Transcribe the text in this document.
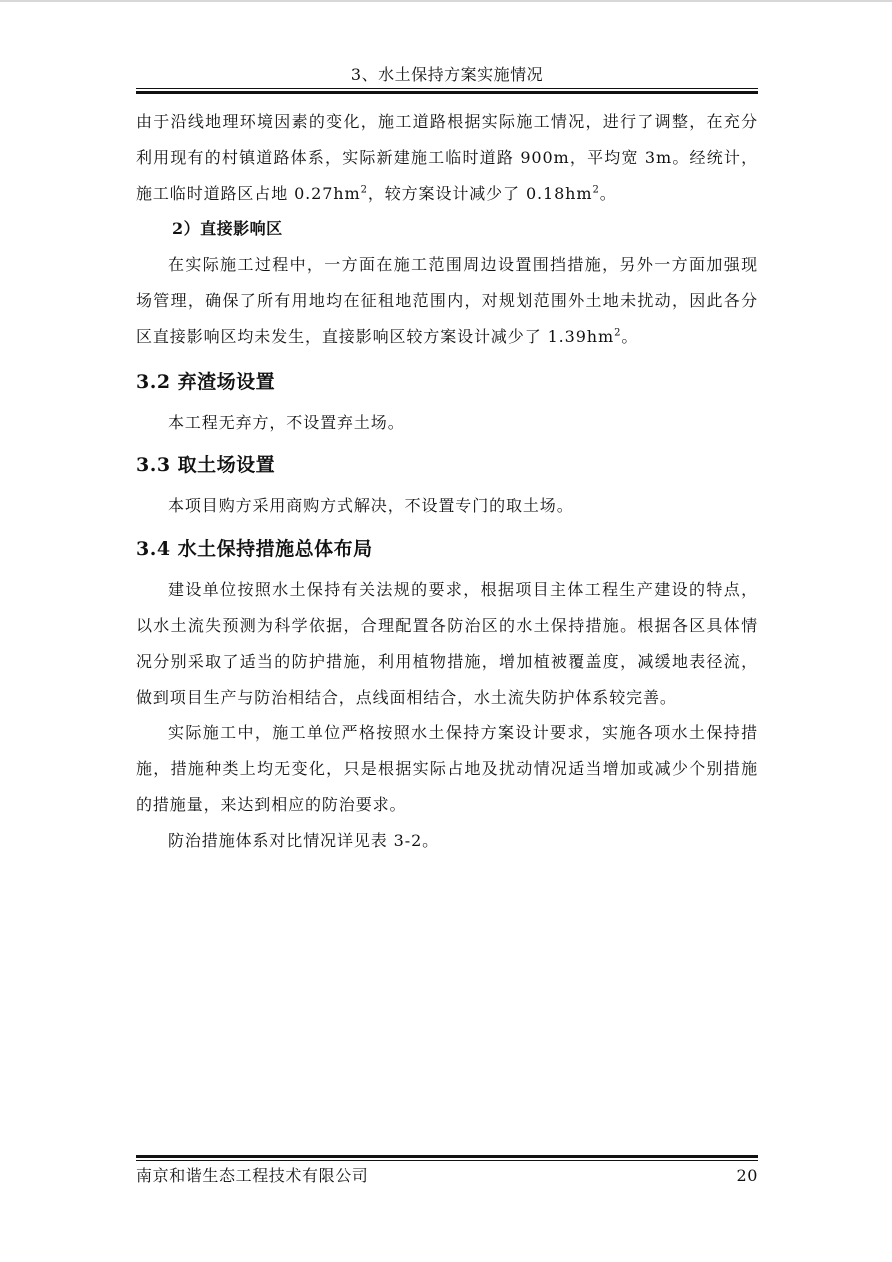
3、水土保持方案实施情况

由于沿线地理环境因素的变化，施工道路根据实际施工情况，进行了调整，在充分利用现有的村镇道路体系，实际新建施工临时道路 900m，平均宽 3m。经统计，施工临时道路区占地 $0.27hm^2$，较方案设计减少了 $0.18hm^2$。

2）直接影响区

在实际施工过程中，一方面在施工范围周边设置围挡措施，另外一方面加强现场管理，确保了所有用地均在征租地范围内，对规划范围外土地未扰动，因此各分区直接影响区均未发生，直接影响区较方案设计减少了 $1.39hm^2$。

3.2 弃渣场设置

本工程无弃方，不设置弃土场。

3.3 取土场设置

本项目购方采用商购方式解决，不设置专门的取土场。

3.4 水土保持措施总体布局

建设单位按照水土保持有关法规的要求，根据项目主体工程生产建设的特点，以水土流失预测为科学依据，合理配置各防治区的水土保持措施。根据各区具体情况分别采取了适当的防护措施，利用植物措施，增加植被覆盖度，减缓地表径流，做到项目生产与防治相结合，点线面相结合，水土流失防护体系较完善。

实际施工中，施工单位严格按照水土保持方案设计要求，实施各项水土保持措施，措施种类上均无变化，只是根据实际占地及扰动情况适当增加或减少个别措施的措施量，来达到相应的防治要求。

防治措施体系对比情况详见表 3-2。

南京和谐生态工程技术有限公司	20
